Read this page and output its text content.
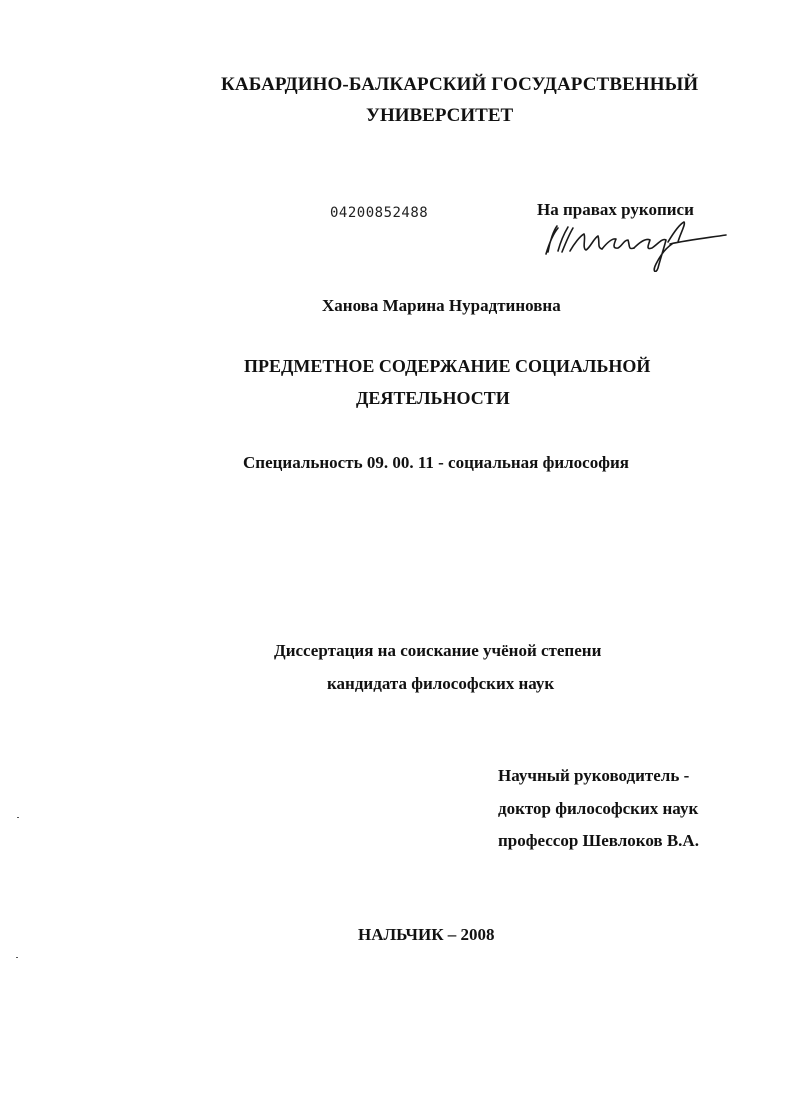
КАБАРДИНО-БАЛКАРСКИЙ ГОСУДАРСТВЕННЫЙ
УНИВЕРСИТЕТ
04200852488	На правах рукописи
Ханова Марина Нурадтиновна
ПРЕДМЕТНОЕ СОДЕРЖАНИЕ СОЦИАЛЬНОЙ
ДЕЯТЕЛЬНОСТИ
Специальность 09. 00. 11 - социальная философия
Диссертация на соискание учёной степени
кандидата философских наук
Научный руководитель -
доктор философских наук
профессор Шевлоков В.А.
НАЛЬЧИК – 2008
